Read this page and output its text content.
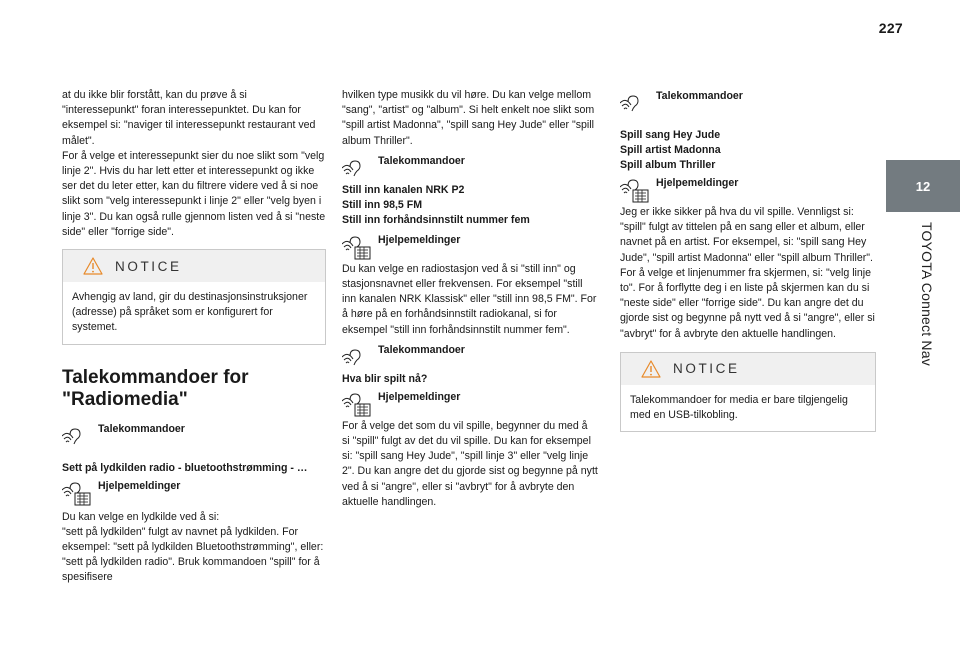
227
12
TOYOTA Connect Nav

at du ikke blir forstått, kan du prøve å si "interessepunkt" foran interessepunktet. Du kan for eksempel si: "naviger til interessepunkt restaurant ved målet".
For å velge et interessepunkt sier du noe slikt som "velg linje 2". Hvis du har lett etter et interessepunkt og ikke ser det du leter etter, kan du filtrere videre ved å si noe slikt som "velg interessepunkt i linje 2" eller "velg byen i linje 3". Du kan også rulle gjennom listen ved å si "neste side" eller "forrige side".

NOTICE
Avhengig av land, gir du destinasjonsinstruksjoner (adresse) på språket som er konfigurert for systemet.
Talekommandoer for "Radiomedia"
Talekommandoer

Sett på lydkilden radio - bluetoothstrømming - …

Hjelpemeldinger

Du kan velge en lydkilde ved å si:
"sett på lydkilden" fulgt av navnet på lydkilden. For eksempel: "sett på lydkilden Bluetoothstrømming", eller: "sett på lydkilden radio". Bruk kommandoen "spill" for å spesifisere

hvilken type musikk du vil høre. Du kan velge mellom "sang", "artist" og "album". Si helt enkelt noe slikt som "spill artist Madonna", "spill sang Hey Jude" eller "spill album Thriller".

Talekommandoer

Still inn kanalen NRK P2
Still inn 98,5 FM
Still inn forhåndsinnstilt nummer fem

Hjelpemeldinger

Du kan velge en radiostasjon ved å si "still inn" og stasjonsnavnet eller frekvensen. For eksempel "still inn kanalen NRK Klassisk" eller "still inn 98,5 FM". For å høre på en forhåndsinnstilt radiokanal, si for eksempel "still inn forhåndsinnstilt nummer fem".

Talekommandoer

Hva blir spilt nå?

Hjelpemeldinger

For å velge det som du vil spille, begynner du med å si "spill" fulgt av det du vil spille. Du kan for eksempel si: "spill sang Hey Jude", "spill linje 3" eller "velg linje 2". Du kan angre det du gjorde sist og begynne på nytt ved å si "angre", eller si "avbryt" for å avbryte den aktuelle handlingen.

Talekommandoer

Spill sang Hey Jude
Spill artist Madonna
Spill album Thriller

Hjelpemeldinger

Jeg er ikke sikker på hva du vil spille. Vennligst si: "spill" fulgt av tittelen på en sang eller et album, eller navnet på en artist. For eksempel, si: "spill sang Hey Jude", "spill artist Madonna" eller "spill album Thriller". For å velge et linjenummer fra skjermen, si: "velg linje to". For å forflytte deg i en liste på skjermen kan du si "neste side" eller "forrige side". Du kan angre det du gjorde sist og begynne på nytt ved å si "angre", eller si "avbryt" for å avbryte den aktuelle handlingen.

NOTICE
Talekommandoer for media er bare tilgjengelig med en USB-tilkobling.
